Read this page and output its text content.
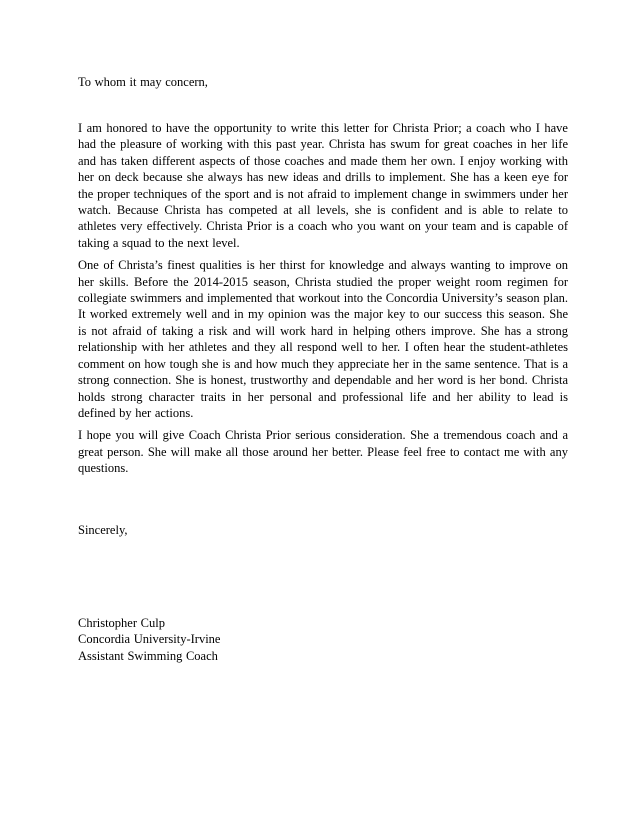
To whom it may concern,

I am honored to have the opportunity to write this letter for Christa Prior; a coach who I have had the pleasure of working with this past year. Christa has swum for great coaches in her life and has taken different aspects of those coaches and made them her own. I enjoy working with her on deck because she always has new ideas and drills to implement. She has a keen eye for the proper techniques of the sport and is not afraid to implement change in swimmers under her watch. Because Christa has competed at all levels, she is confident and is able to relate to athletes very effectively. Christa Prior is a coach who you want on your team and is capable of taking a squad to the next level.

One of Christa’s finest qualities is her thirst for knowledge and always wanting to improve on her skills. Before the 2014-2015 season, Christa studied the proper weight room regimen for collegiate swimmers and implemented that workout into the Concordia University’s season plan. It worked extremely well and in my opinion was the major key to our success this season. She is not afraid of taking a risk and will work hard in helping others improve. She has a strong relationship with her athletes and they all respond well to her. I often hear the student-athletes comment on how tough she is and how much they appreciate her in the same sentence. That is a strong connection. She is honest, trustworthy and dependable and her word is her bond. Christa holds strong character traits in her personal and professional life and her ability to lead is defined by her actions.

I hope you will give Coach Christa Prior serious consideration. She a tremendous coach and a great person. She will make all those around her better. Please feel free to contact me with any questions.

Sincerely,

Christopher Culp
Concordia University-Irvine
Assistant Swimming Coach
